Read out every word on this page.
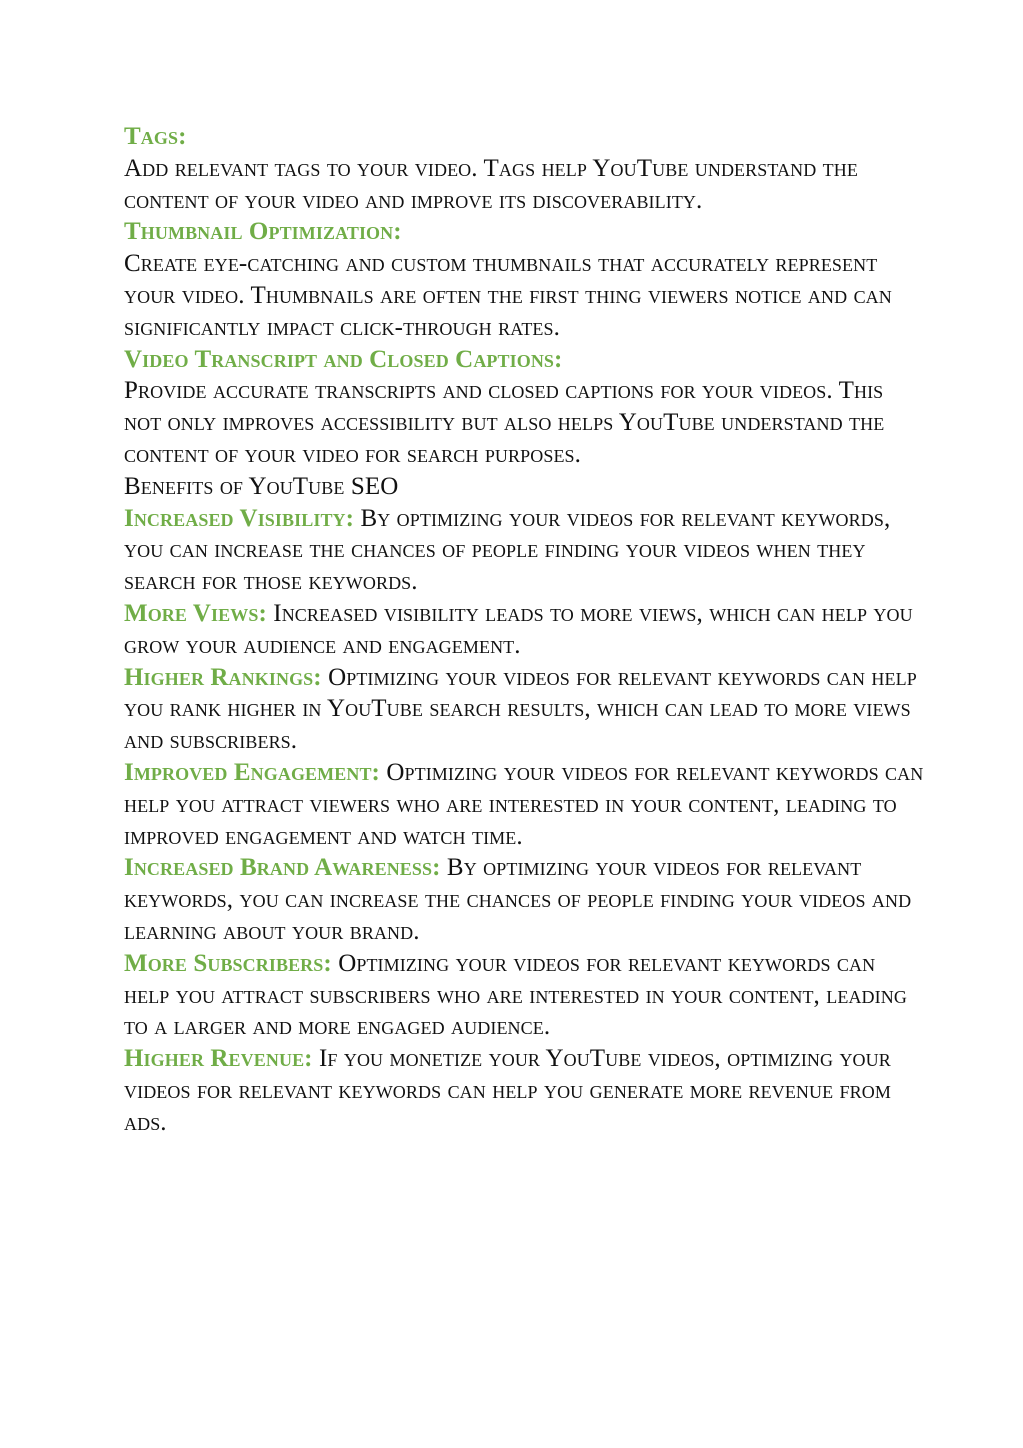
Tags:

Add relevant tags to your video. Tags help YouTube understand the content of your video and improve its discoverability.

Thumbnail Optimization:

Create eye-catching and custom thumbnails that accurately represent your video. Thumbnails are often the first thing viewers notice and can significantly impact click-through rates.

Video Transcript and Closed Captions:

Provide accurate transcripts and closed captions for your videos. This not only improves accessibility but also helps YouTube understand the content of your video for search purposes.

Benefits of YouTube SEO

Increased Visibility: By optimizing your videos for relevant keywords, you can increase the chances of people finding your videos when they search for those keywords.

More Views: Increased visibility leads to more views, which can help you grow your audience and engagement.

Higher Rankings: Optimizing your videos for relevant keywords can help you rank higher in YouTube search results, which can lead to more views and subscribers.

Improved Engagement: Optimizing your videos for relevant keywords can help you attract viewers who are interested in your content, leading to improved engagement and watch time.

Increased Brand Awareness: By optimizing your videos for relevant keywords, you can increase the chances of people finding your videos and learning about your brand.

More Subscribers: Optimizing your videos for relevant keywords can help you attract subscribers who are interested in your content, leading to a larger and more engaged audience.

Higher Revenue: If you monetize your YouTube videos, optimizing your videos for relevant keywords can help you generate more revenue from ads.
